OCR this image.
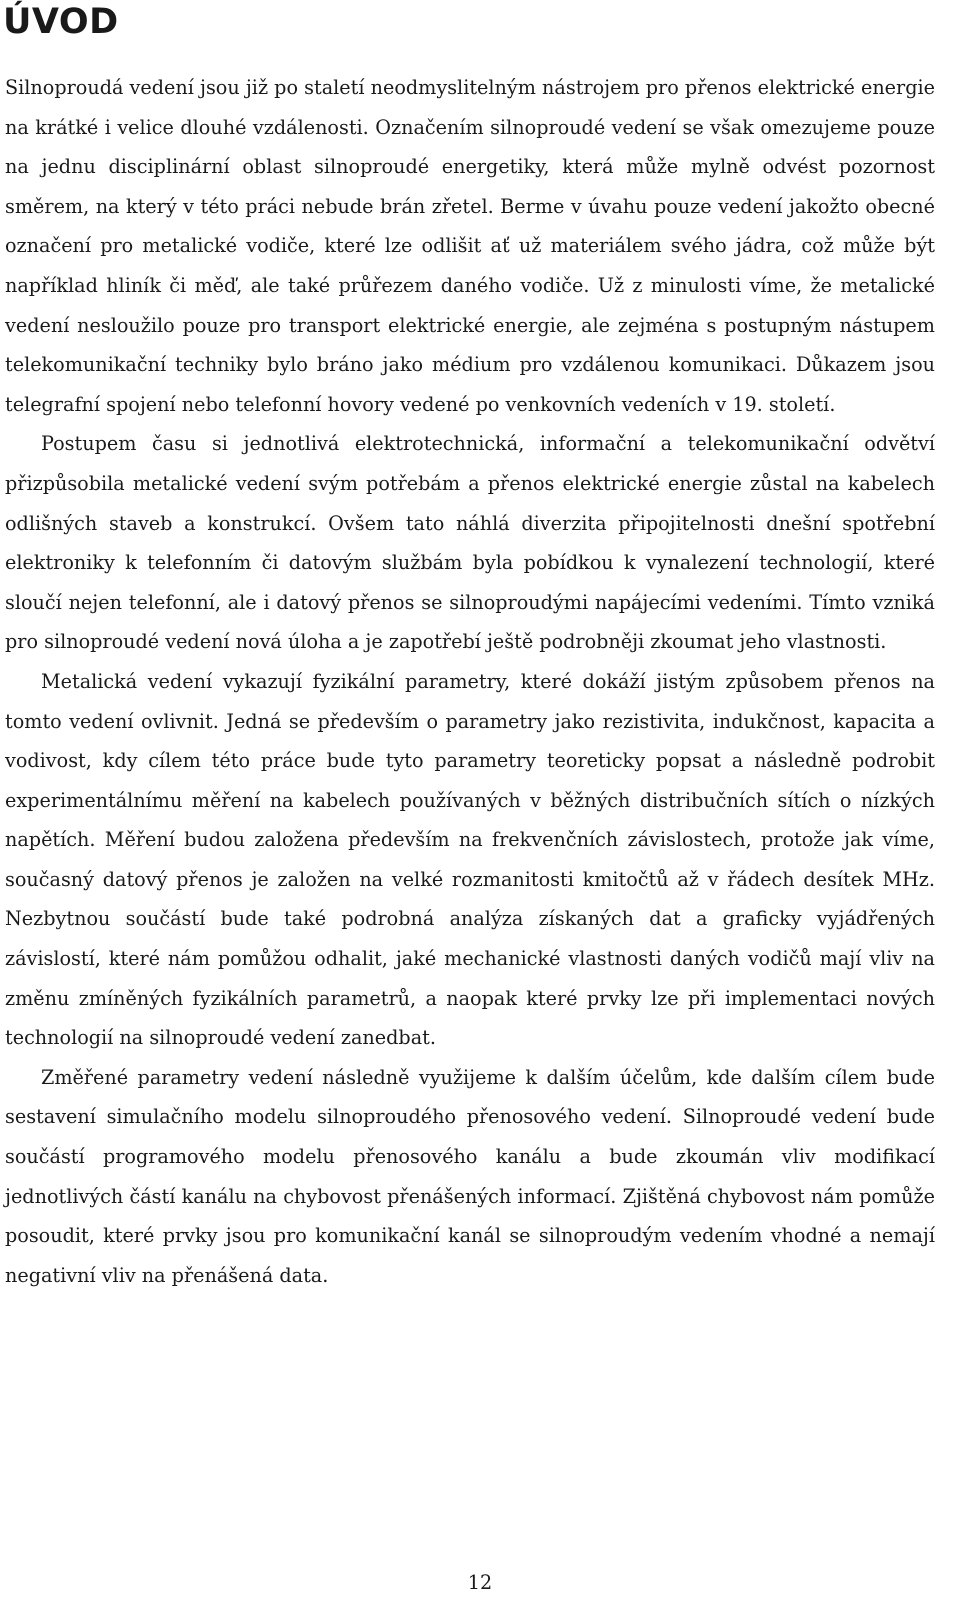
ÚVOD

Silnoproudá vedení jsou již po staletí neodmyslitelným nástrojem pro přenos elektrické energie na krátké i velice dlouhé vzdálenosti. Označením silnoproudé vedení se však omezujeme pouze na jednu disciplinární oblast silnoproudé energetiky, která může mylně odvést pozornost směrem, na který v této práci nebude brán zřetel. Berme v úvahu pouze vedení jakožto obecné označení pro metalické vodiče, které lze odlišit ať už materiálem svého jádra, což může být například hliník či měď, ale také průřezem daného vodiče. Už z minulosti víme, že metalické vedení nesloužilo pouze pro transport elektrické energie, ale zejména s postupným nástupem telekomunikační techniky bylo bráno jako médium pro vzdálenou komunikaci. Důkazem jsou telegrafní spojení nebo telefonní hovory vedené po venkovních vedeních v 19. století.

Postupem času si jednotlivá elektrotechnická, informační a telekomunikační odvětví přizpůsobila metalické vedení svým potřebám a přenos elektrické energie zůstal na kabelech odlišných staveb a konstrukcí. Ovšem tato náhlá diverzita připojitelnosti dnešní spotřební elektroniky k telefonním či datovým službám byla pobídkou k vynalezení technologií, které sloučí nejen telefonní, ale i datový přenos se silnoproudými napájecími vedeními. Tímto vzniká pro silnoproudé vedení nová úloha a je zapotřebí ještě podrobněji zkoumat jeho vlastnosti.

Metalická vedení vykazují fyzikální parametry, které dokáží jistým způsobem přenos na tomto vedení ovlivnit. Jedná se především o parametry jako rezistivita, indukčnost, kapacita a vodivost, kdy cílem této práce bude tyto parametry teoreticky popsat a následně podrobit experimentálnímu měření na kabelech používaných v běžných distribučních sítích o nízkých napětích. Měření budou založena především na frekvenčních závislostech, protože jak víme, současný datový přenos je založen na velké rozmanitosti kmitočtů až v řádech desítek MHz. Nezbytnou součástí bude také podrobná analýza získaných dat a graficky vyjádřených závislostí, které nám pomůžou odhalit, jaké mechanické vlastnosti daných vodičů mají vliv na změnu zmíněných fyzikálních parametrů, a naopak které prvky lze při implementaci nových technologií na silnoproudé vedení zanedbat.

Změřené parametry vedení následně využijeme k dalším účelům, kde dalším cílem bude sestavení simulačního modelu silnoproudého přenosového vedení. Silnoproudé vedení bude součástí programového modelu přenosového kanálu a bude zkoumán vliv modifikací jednotlivých částí kanálu na chybovost přenášených informací. Zjištěná chybovost nám pomůže posoudit, které prvky jsou pro komunikační kanál se silnoproudým vedením vhodné a nemají negativní vliv na přenášená data.

12
